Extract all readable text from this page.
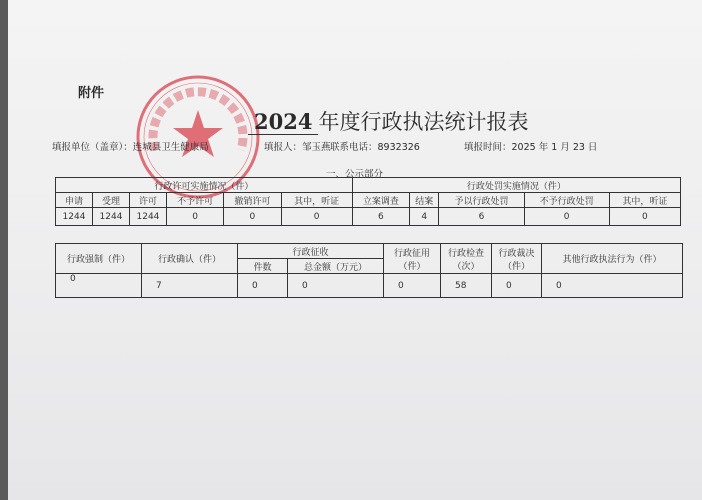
附件
2024 年度行政执法统计报表
填报单位（盖章）：连城县卫生健康局	填报人：邹玉燕 联系电话：8932326	填报时间：2025 年 1 月 23 日
一、公示部分
行政许可实施情况（件）						行政处罚实施情况（件）				
申请	受理	许可	不予许可	撤销许可	其中，听证	立案调查	结案	予以行政处罚	不予行政处罚	其中，听证
1244	1244	1244	0	0	0	6	4	6	0	0
行政强制（件）	行政确认（件）	行政征收		行政征用（件）	行政检查（次）	行政裁决（件）	其他行政执法行为（件）
		件数	总金额（万元）				
0	7	0	0	0	58	0	0
